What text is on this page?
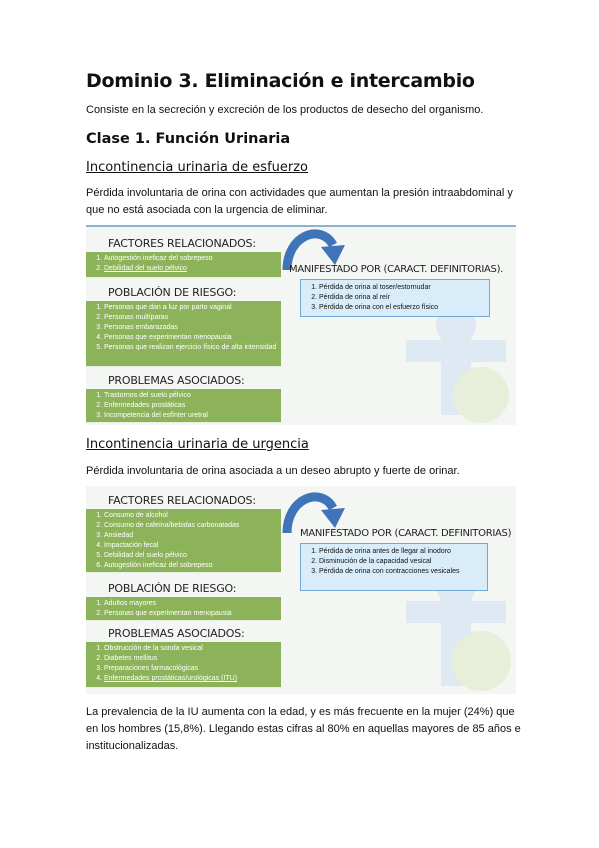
Dominio 3. Eliminación e intercambio

Consiste en la secreción y excreción de los productos de desecho del organismo.

Clase 1. Función Urinaria
Incontinencia urinaria de esfuerzo

Pérdida involuntaria de orina con actividades que aumentan la presión intraabdominal y que no está asociada con la urgencia de eliminar.

FACTORES RELACIONADOS:
1. Autogestión ineficaz del sobrepeso
2. Debilidad del suelo pélvico
POBLACIÓN DE RIESGO:
1. Personas que dan a luz por parto vaginal
2. Personas multíparas
3. Personas embarazadas
4. Personas que experimentan menopausia
5. Personas que realizan ejercicio físico de alta intensidad
PROBLEMAS ASOCIADOS:
1. Trastornos del suelo pélvico
2. Enfermedades prostáticas
3. Incompetencia del esfínter uretral
MANIFESTADO POR (CARACT. DEFINITORIAS).
1. Pérdida de orina al toser/estornudar
2. Pérdida de orina al reír
3. Pérdida de orina con el esfuerzo físico
Incontinencia urinaria de urgencia

Pérdida involuntaria de orina asociada a un deseo abrupto y fuerte de orinar.

FACTORES RELACIONADOS:
1. Consumo de alcohol
2. Consumo de cafeína/bebidas carbonatadas
3. Ansiedad
4. Impactación fecal
5. Debilidad del suelo pélvico
6. Autogestión ineficaz del sobrepeso
POBLACIÓN DE RIESGO:
1. Adultos mayores
2. Personas que experimentan menopausia
PROBLEMAS ASOCIADOS:
1. Obstrucción de la sonda vesical
2. Diabetes mellitus
3. Preparaciones farmacológicas
4. Enfermedades prostáticas/urológicas (ITU)
MANIFESTADO POR (CARACT. DEFINITORIAS)
1. Pérdida de orina antes de llegar al inodoro
2. Disminución de la capacidad vesical
3. Pérdida de orina con contracciones vesicales

La prevalencia de la IU aumenta con la edad, y es más frecuente en la mujer (24%) que en los hombres (15,8%). Llegando estas cifras al 80% en aquellas mayores de 85 años e institucionalizadas.
